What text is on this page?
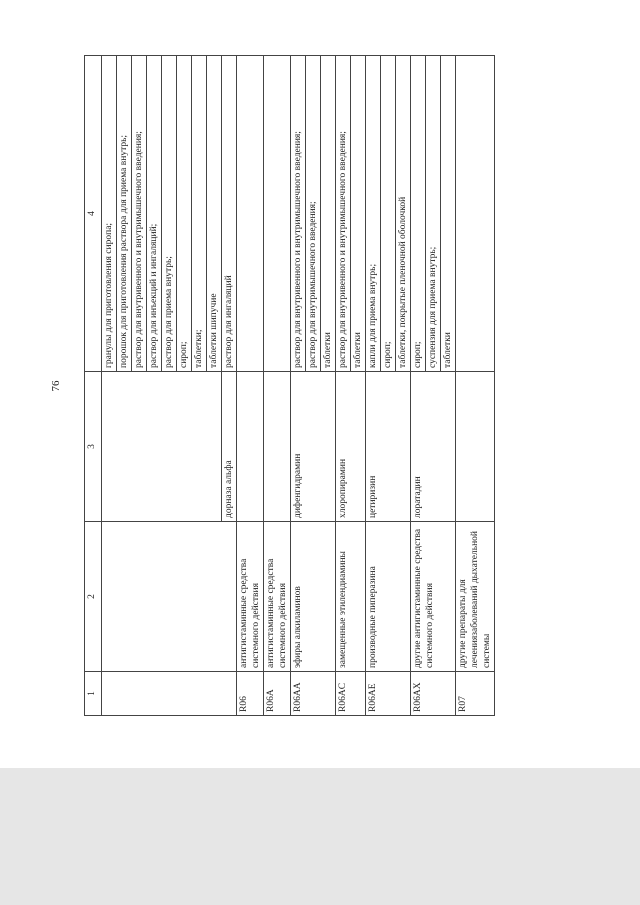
76
1	2	3	4
			гранулы для приготовления сиропа;
			порошок для приготовления раствора для приема внутрь;
			раствор для внутривенного и внутримышечного введения;
			раствор для инъекций и ингаляций;
			раствор для приема внутрь;
			сироп;
			таблетки;
			таблетки шипучие
		дорназа альфа	раствор для ингаляций
R06	антигистаминные средства системного действия		
R06A	антигистаминные средства системного действия		
R06AA	эфиры алкиламинов	дифенгидрамин	раствор для внутривенного и внутримышечного введения;
			раствор для внутримышечного введения;
			таблетки
R06AC	замещенные этилендиамины	хлоропирамин	раствор для внутривенного и внутримышечного введения;
			таблетки
R06AE	производные пиперазина	цетиризин	капли для приема внутрь;
			сироп;
			таблетки, покрытые пленочной оболочкой
R06AX	другие антигистаминные средства системного действия	лоратадин	сироп;
			суспензия для приема внутрь;
			таблетки
R07	другие препараты для лечениязаболеваний дыхательной системы		
